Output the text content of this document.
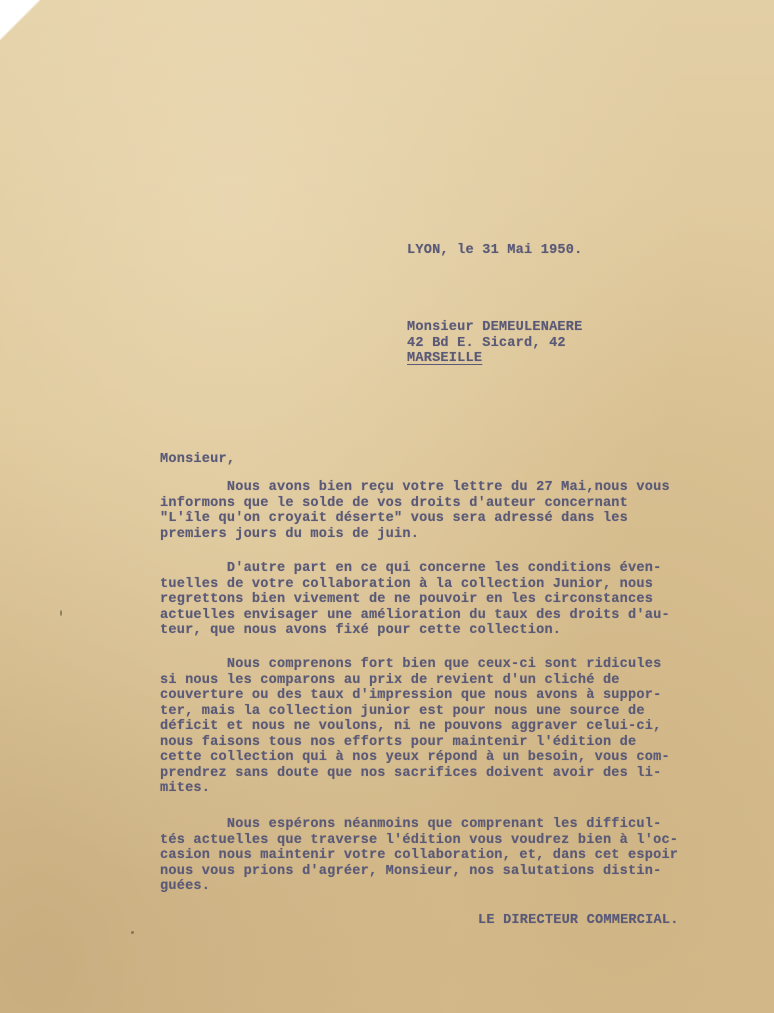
LYON, le 31 Mai 1950.

Monsieur DEMEULENAERE
42 Bd E. Sicard, 42
MARSEILLE

Monsieur,

Nous avons bien reçu votre lettre du 27 Mai,nous vous
informons que le solde de vos droits d'auteur concernant
"L'île qu'on croyait déserte" vous sera adressé dans les
premiers jours du mois de juin.

D'autre part en ce qui concerne les conditions éven-
tuelles de votre collaboration à la collection Junior, nous
regrettons bien vivement de ne pouvoir en les circonstances
actuelles envisager une amélioration du taux des droits d'au-
teur, que nous avons fixé pour cette collection.

Nous comprenons fort bien que ceux-ci sont ridicules
si nous les comparons au prix de revient d'un cliché de
couverture ou des taux d'impression que nous avons à suppor-
ter, mais la collection junior est pour nous une source de
déficit et nous ne voulons, ni ne pouvons aggraver celui-ci,
nous faisons tous nos efforts pour maintenir l'édition de
cette collection qui à nos yeux répond à un besoin, vous com-
prendrez sans doute que nos sacrifices doivent avoir des li-
mites.

Nous espérons néanmoins que comprenant les difficul-
tés actuelles que traverse l'édition vous voudrez bien à l'oc-
casion nous maintenir votre collaboration, et, dans cet espoir
nous vous prions d'agréer, Monsieur, nos salutations distin-
guées.

LE DIRECTEUR COMMERCIAL.
